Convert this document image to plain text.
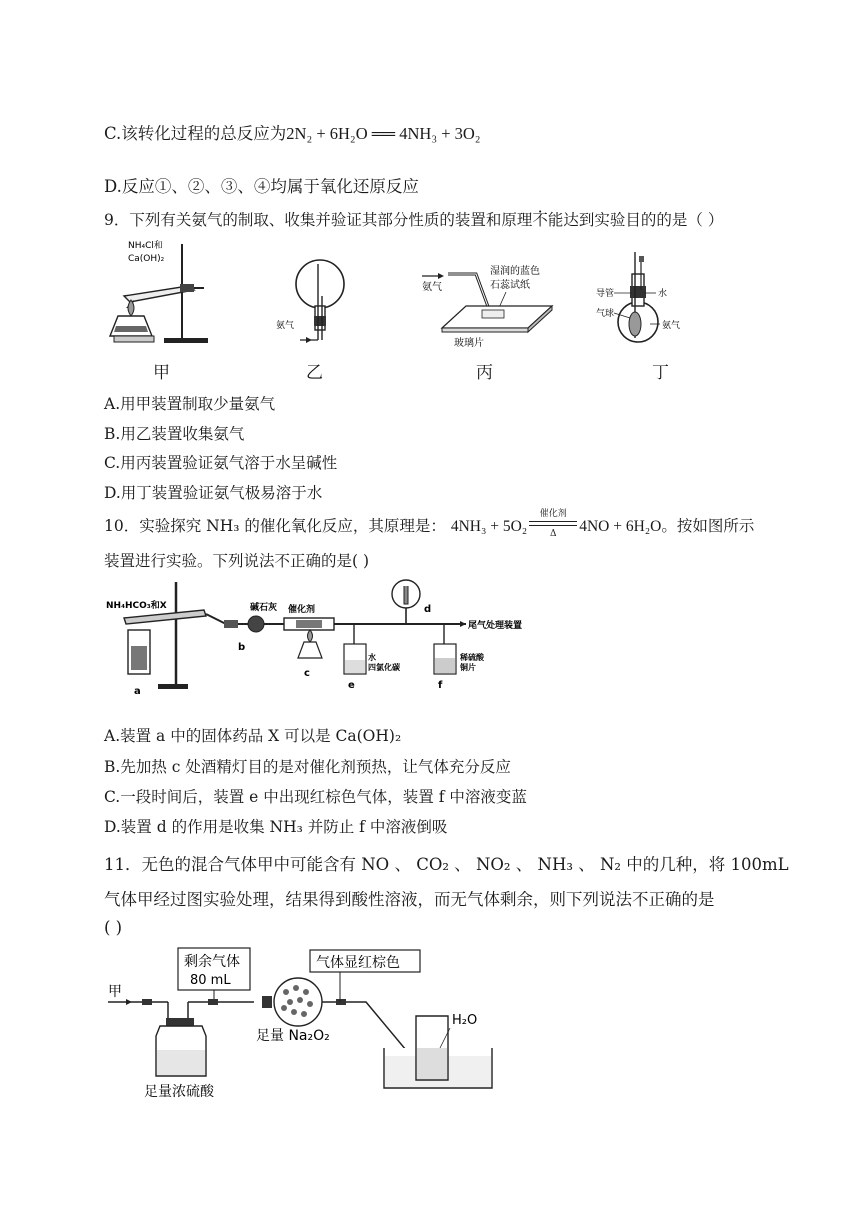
C.该转化过程的总反应为2N₂ + 6H₂O ══ 4NH₃ + 3O₂
D.反应①、②、③、④均属于氧化还原反应
9．下列有关氨气的制取、收集并验证其部分性质的装置和原理不能达到实验目的的是（ ）
NH₄Cl和
Ca(OH)₂
甲
氨气
乙
氨气
湿润的蓝色
石蕊试纸
玻璃片
丙
导管	水
气球
氨气
丁
A.用甲装置制取少量氨气
B.用乙装置收集氨气
C.用丙装置验证氨气溶于水呈碱性
D.用丁装置验证氨气极易溶于水
10．实验探究 NH₃ 的催化氧化反应，其原理是： 4NH₃ + 5O₂
催化剂
Δ	4NO + 6H₂O。按如图所示
装置进行实验。下列说法不正确的是( )
NH₄HCO₃和X
a
碱石灰
b
催化剂
c
水
四氯化碳
e
d
稀硫酸
铜片
f
尾气处理装置
A.装置 a 中的固体药品 X 可以是 Ca(OH)₂
B.先加热 c 处酒精灯目的是对催化剂预热，让气体充分反应
C.一段时间后，装置 e 中出现红棕色气体，装置 f 中溶液变蓝
D.装置 d 的作用是收集 NH₃ 并防止 f 中溶液倒吸
11．无色的混合气体甲中可能含有 NO 、 CO₂ 、 NO₂ 、 NH₃ 、 N₂ 中的几种，将 100mL
气体甲经过图实验处理，结果得到酸性溶液，而无气体剩余，则下列说法不正确的是
( )
甲
足量浓硫酸
剩余气体
80 mL
足量 Na₂O₂
气体显红棕色
H₂O
